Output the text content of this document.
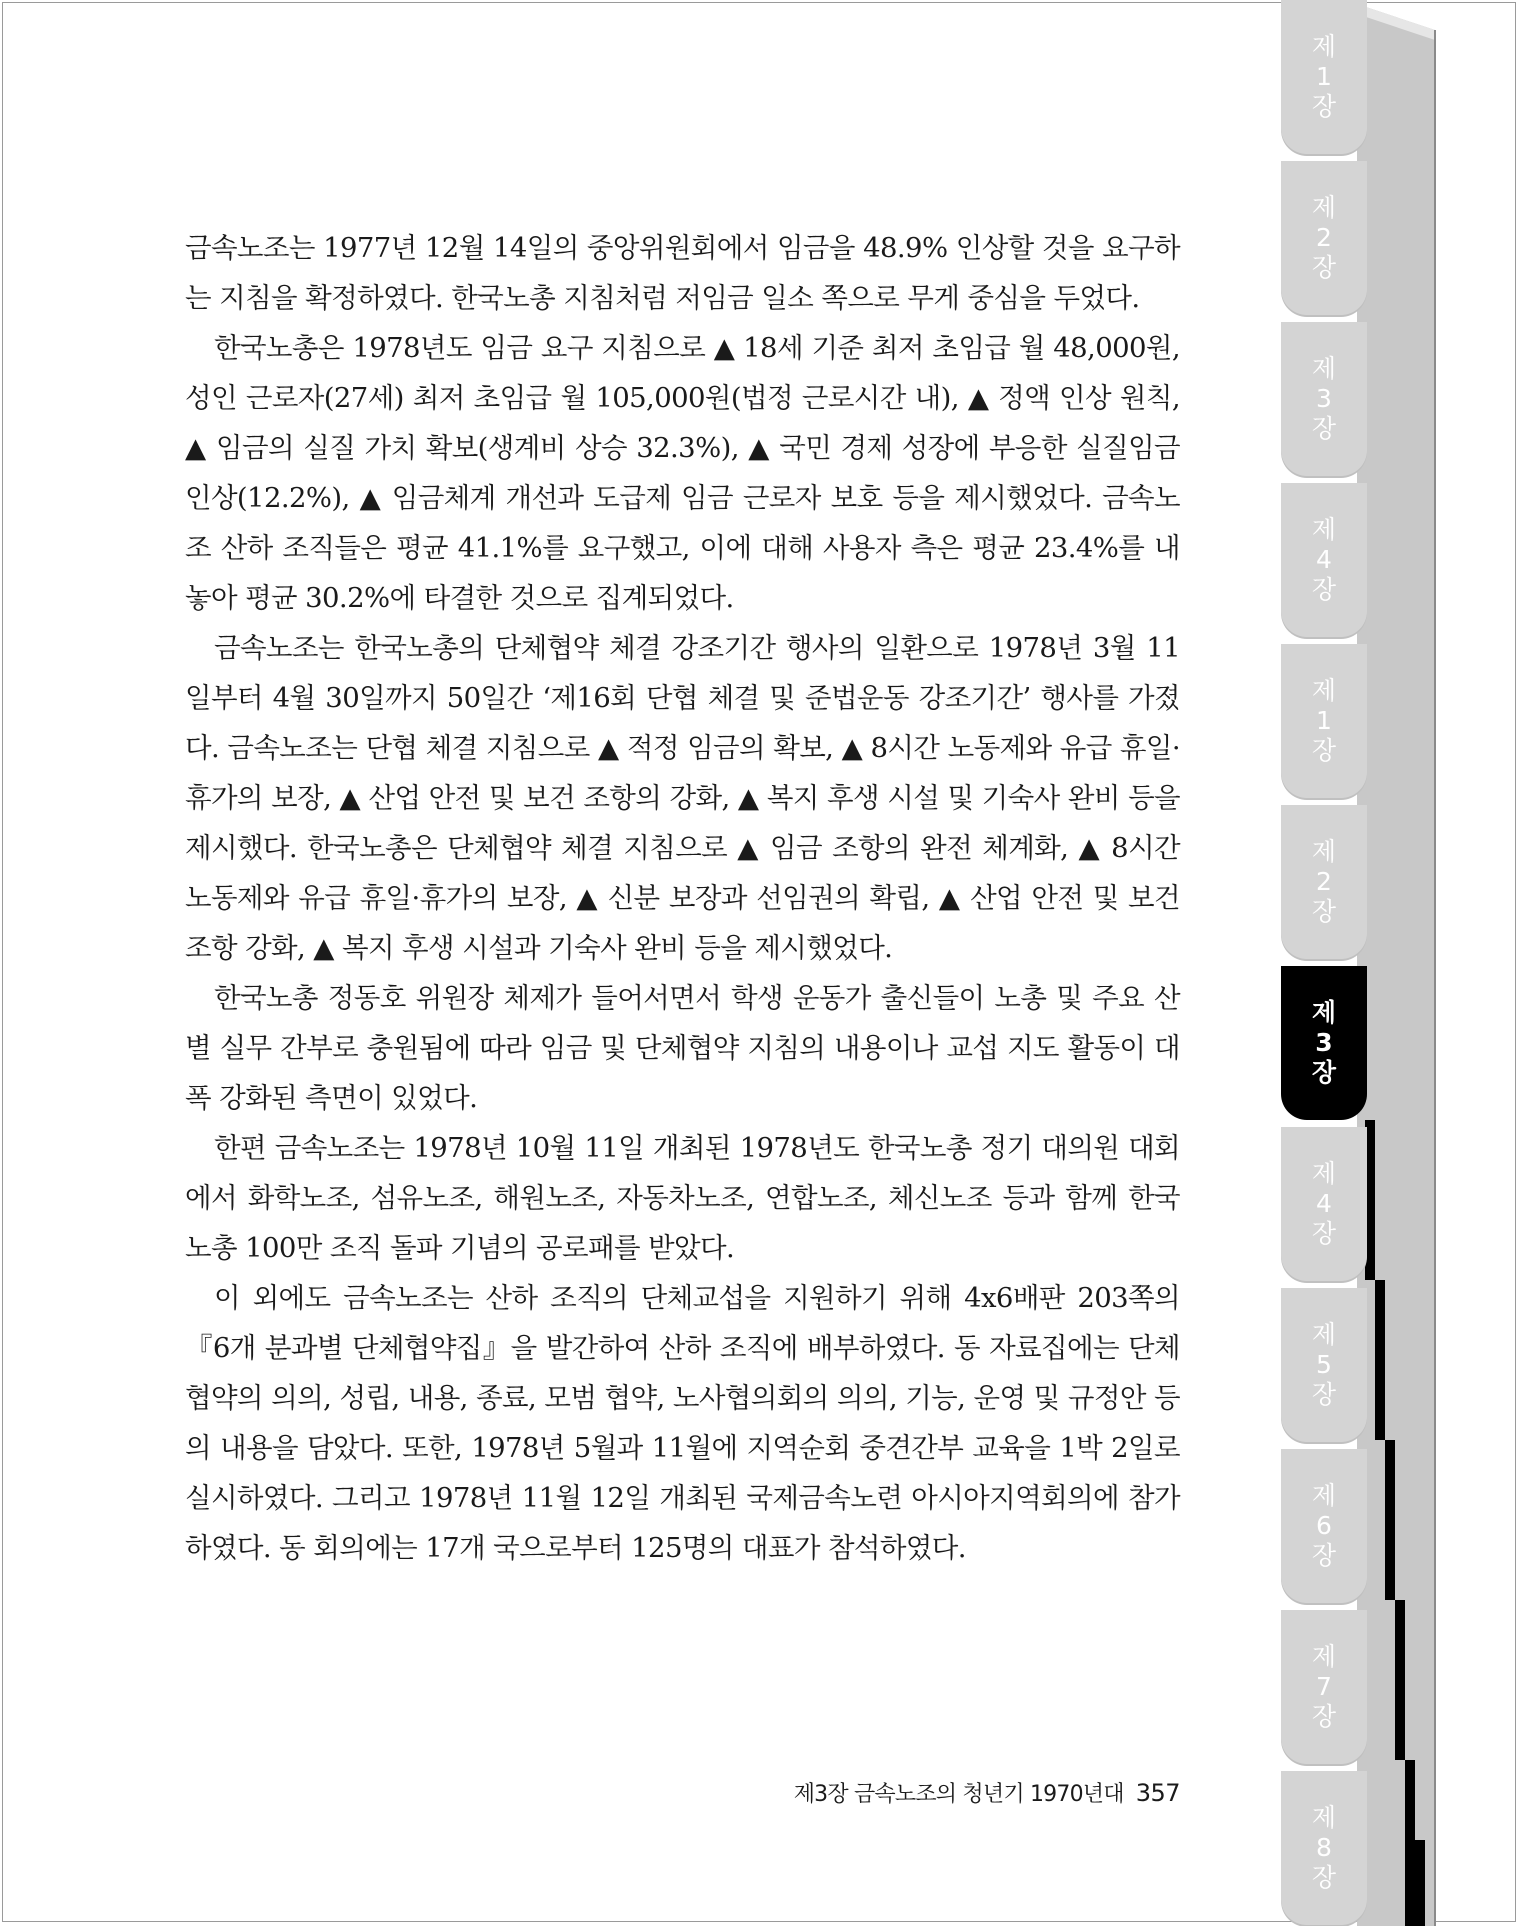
제
1
장
제
2
장
제
3
장
제
4
장
제
1
장
제
2
장
제
3
장
제
4
장
제
5
장
제
6
장
제
7
장
제
8
장

금속노조는 1977년 12월 14일의 중앙위원회에서 임금을 48.9% 인상할 것을 요구하는 지침을 확정하였다. 한국노총 지침처럼 저임금 일소 쪽으로 무게 중심을 두었다.

한국노총은 1978년도 임금 요구 지침으로 ▲ 18세 기준 최저 초임급 월 48,000원, 성인 근로자(27세) 최저 초임급 월 105,000원(법정 근로시간 내), ▲ 정액 인상 원칙, ▲ 임금의 실질 가치 확보(생계비 상승 32.3%), ▲ 국민 경제 성장에 부응한 실질임금 인상(12.2%), ▲ 임금체계 개선과 도급제 임금 근로자 보호 등을 제시했었다. 금속노조 산하 조직들은 평균 41.1%를 요구했고, 이에 대해 사용자 측은 평균 23.4%를 내놓아 평균 30.2%에 타결한 것으로 집계되었다.

금속노조는 한국노총의 단체협약 체결 강조기간 행사의 일환으로 1978년 3월 11일부터 4월 30일까지 50일간 ‘제16회 단협 체결 및 준법운동 강조기간’ 행사를 가졌다. 금속노조는 단협 체결 지침으로 ▲ 적정 임금의 확보, ▲ 8시간 노동제와 유급 휴일·휴가의 보장, ▲ 산업 안전 및 보건 조항의 강화, ▲ 복지 후생 시설 및 기숙사 완비 등을 제시했다. 한국노총은 단체협약 체결 지침으로 ▲ 임금 조항의 완전 체계화, ▲ 8시간 노동제와 유급 휴일·휴가의 보장, ▲ 신분 보장과 선임권의 확립, ▲ 산업 안전 및 보건 조항 강화, ▲ 복지 후생 시설과 기숙사 완비 등을 제시했었다.

한국노총 정동호 위원장 체제가 들어서면서 학생 운동가 출신들이 노총 및 주요 산별 실무 간부로 충원됨에 따라 임금 및 단체협약 지침의 내용이나 교섭 지도 활동이 대폭 강화된 측면이 있었다.

한편 금속노조는 1978년 10월 11일 개최된 1978년도 한국노총 정기 대의원 대회에서 화학노조, 섬유노조, 해원노조, 자동차노조, 연합노조, 체신노조 등과 함께 한국노총 100만 조직 돌파 기념의 공로패를 받았다.

이 외에도 금속노조는 산하 조직의 단체교섭을 지원하기 위해 4x6배판 203쪽의 『6개 분과별 단체협약집』을 발간하여 산하 조직에 배부하였다. 동 자료집에는 단체협약의 의의, 성립, 내용, 종료, 모범 협약, 노사협의회의 의의, 기능, 운영 및 규정안 등의 내용을 담았다. 또한, 1978년 5월과 11월에 지역순회 중견간부 교육을 1박 2일로 실시하였다. 그리고 1978년 11월 12일 개최된 국제금속노련 아시아지역회의에 참가하였다. 동 회의에는 17개 국으로부터 125명의 대표가 참석하였다.

제3장 금속노조의 청년기 1970년대 357
